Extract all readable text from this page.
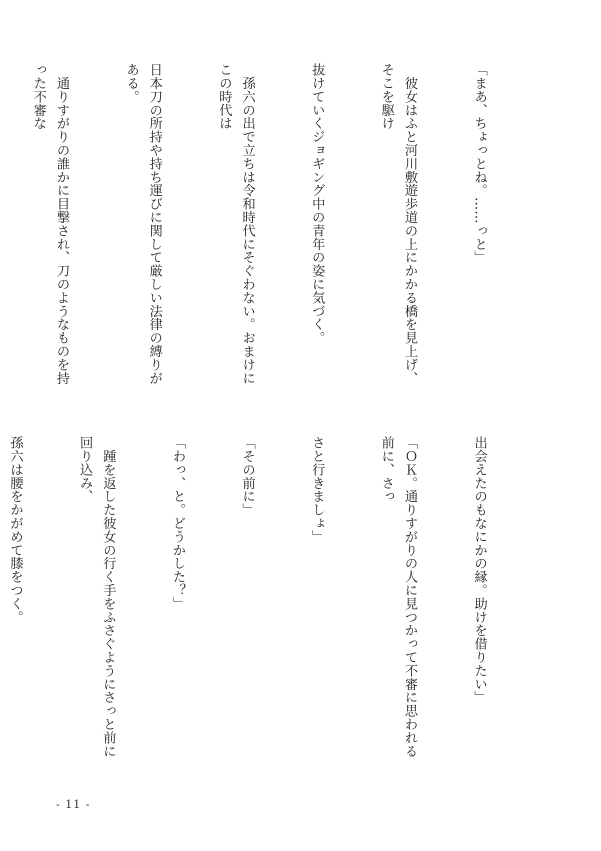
「まあ、ちょっとね。……っと」

　彼女はふと河川敷遊歩道の上にかかる橋を見上げ、そこを駆け

抜けていくジョギング中の青年の姿に気づく。

　孫六の出で立ちは令和時代にそぐわない。おまけにこの時代は

日本刀の所持や持ち運びに関して厳しい法律の縛りがある。

　通りすがりの誰かに目撃され、刀のようなものを持った不審な

出会えたのもなにかの縁。助けを借りたい」

「ＯＫ。通りすがりの人に見つかって不審に思われる前に、さっ

さと行きましょ」

「その前に」

「わっ、と。どうかした？」

　踵を返した彼女の行く手をふさぐようにさっと前に回り込み、

孫六は腰をかがめて膝をつく。

- 11 -
